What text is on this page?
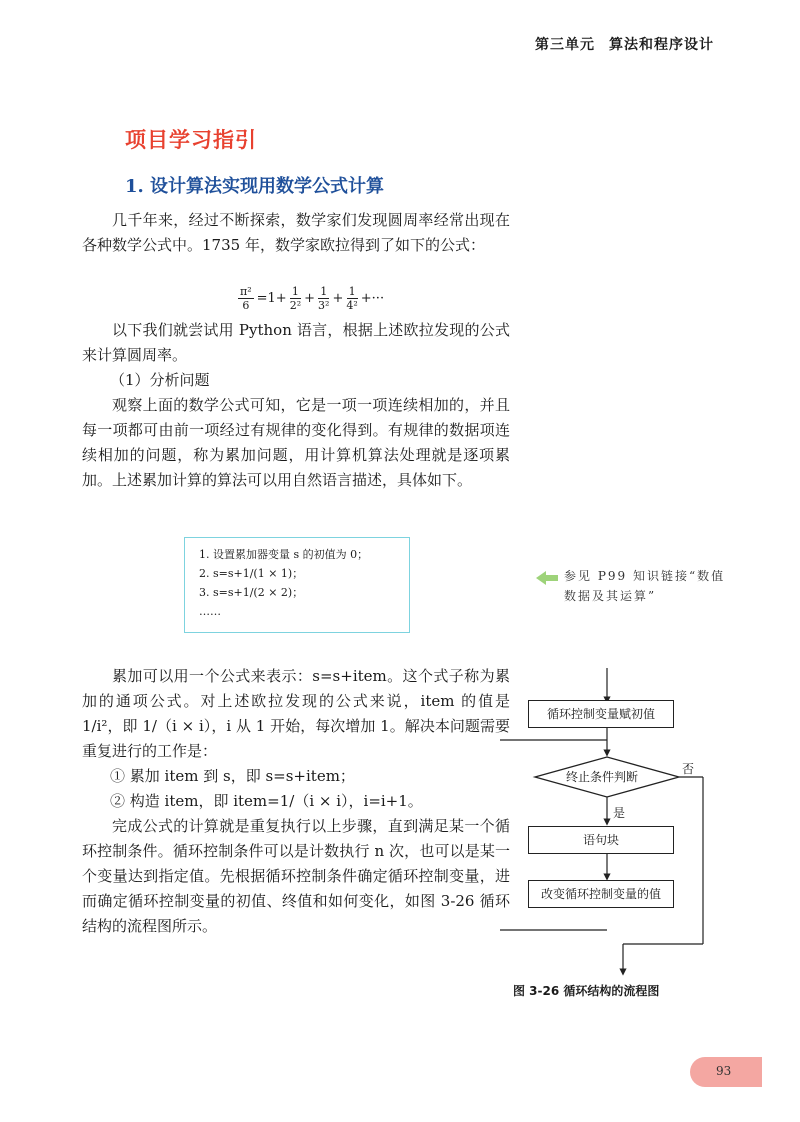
第三单元 算法和程序设计
项目学习指引
1. 设计算法实现用数学公式计算
几千年来，经过不断探索，数学家们发现圆周率经常出现在各种数学公式中。1735 年，数学家欧拉得到了如下的公式：
$\frac{\text{π²}}{6} =1+ \frac{1}{\text{2²}} + \frac{1}{\text{3²}} + \frac{1}{\text{4²}}$ +···
以下我们就尝试用 Python 语言，根据上述欧拉发现的公式来计算圆周率。
（1）分析问题
观察上面的数学公式可知，它是一项一项连续相加的，并且每一项都可由前一项经过有规律的变化得到。有规律的数据项连续相加的问题，称为累加问题，用计算机算法处理就是逐项累加。上述累加计算的算法可以用自然语言描述，具体如下。
1. 设置累加器变量 s 的初值为 0；
2. s=s+1/(1 × 1)；
3. s=s+1/(2 × 2)；
……
参见 P99 知识链接“数值数据及其运算”
累加可以用一个公式来表示：s=s+item。这个式子称为累加的通项公式。对上述欧拉发现的公式来说，item 的值是 1/i²，即 1/（i × i），i 从 1 开始，每次增加 1。解决本问题需要重复进行的工作是：
① 累加 item 到 s，即 s=s+item；
② 构造 item，即 item=1/（i × i），i=i+1。
完成公式的计算就是重复执行以上步骤，直到满足某一个循环控制条件。循环控制条件可以是计数执行 n 次，也可以是某一个变量达到指定值。先根据循环控制条件确定循环控制变量，进而确定循环控制变量的初值、终值和如何变化，如图 3-26 循环结构的流程图所示。
循环控制变量赋初值
终止条件判断
否
是
语句块
改变循环控制变量的值
图 3-26 循环结构的流程图
93
